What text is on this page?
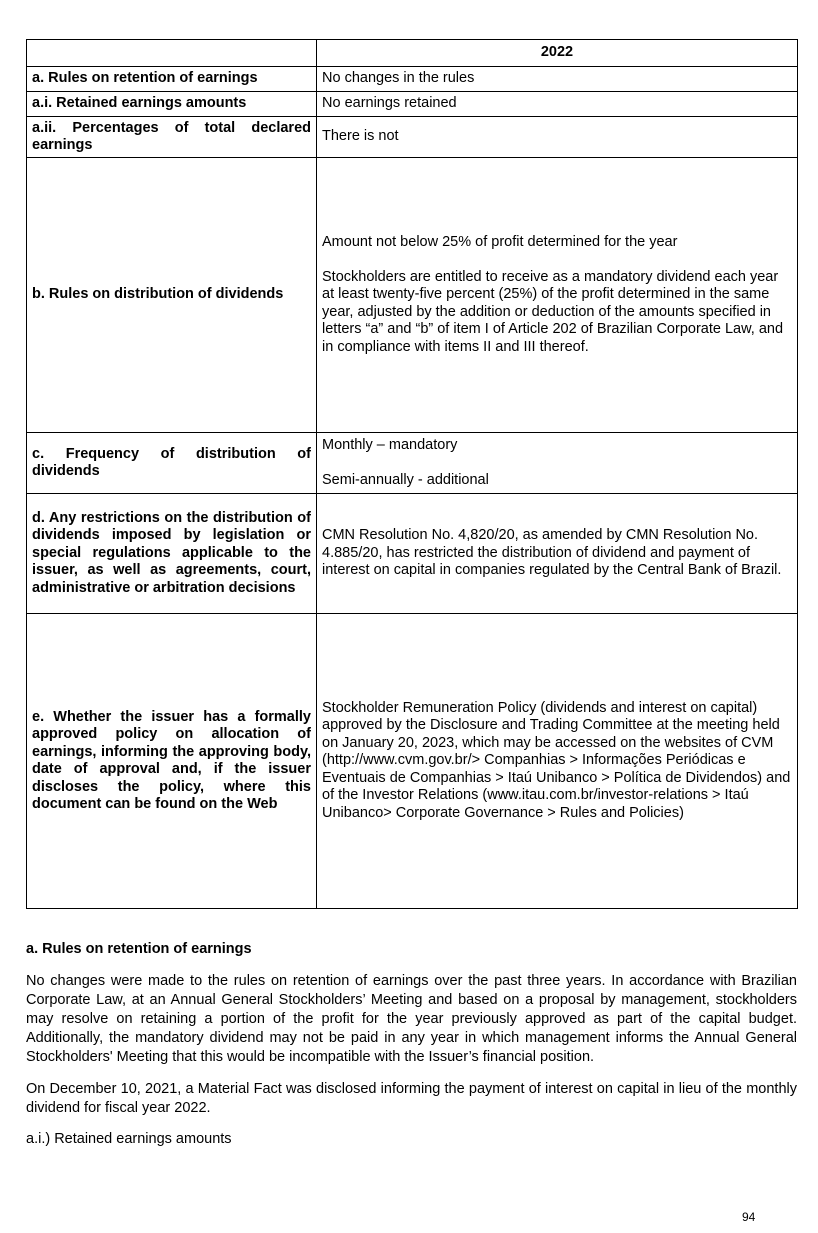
	2022
a. Rules on retention of earnings	No changes in the rules
a.i. Retained earnings amounts	No earnings retained
a.ii. Percentages of total declared earnings	There is not
b. Rules on distribution of dividends	Amount not below 25% of profit determined for the year

Stockholders are entitled to receive as a mandatory dividend each year at least twenty-five percent (25%) of the profit determined in the same year, adjusted by the addition or deduction of the amounts specified in letters “a” and “b” of item I of Article 202 of Brazilian Corporate Law, and in compliance with items II and III thereof.

c. Frequency of distribution of dividends	Monthly – mandatory

Semi-annually - additional

d. Any restrictions on the distribution of dividends imposed by legislation or special regulations applicable to the issuer, as well as agreements, court, administrative or arbitration decisions	CMN Resolution No. 4,820/20, as amended by CMN Resolution No. 4.885/20, has restricted the distribution of dividend and payment of interest on capital in companies regulated by the Central Bank of Brazil.
e. Whether the issuer has a formally approved policy on allocation of earnings, informing the approving body, date of approval and, if the issuer discloses the policy, where this document can be found on the Web	Stockholder Remuneration Policy (dividends and interest on capital) approved by the Disclosure and Trading Committee at the meeting held on January 20, 2023, which may be accessed on the websites of CVM (http://www.cvm.gov.br/> Companhias > Informações Periódicas e Eventuais de Companhias > Itaú Unibanco > Política de Dividendos) and of the Investor Relations (www.itau.com.br/investor-relations > Itaú Unibanco> Corporate Governance > Rules and Policies)
a. Rules on retention of earnings

No changes were made to the rules on retention of earnings over the past three years. In accordance with Brazilian Corporate Law, at an Annual General Stockholders’ Meeting and based on a proposal by management, stockholders may resolve on retaining a portion of the profit for the year previously approved as part of the capital budget. Additionally, the mandatory dividend may not be paid in any year in which management informs the Annual General Stockholders' Meeting that this would be incompatible with the Issuer’s financial position.

On December 10, 2021, a Material Fact was disclosed informing the payment of interest on capital in lieu of the monthly dividend for fiscal year 2022.

a.i.) Retained earnings amounts

94
